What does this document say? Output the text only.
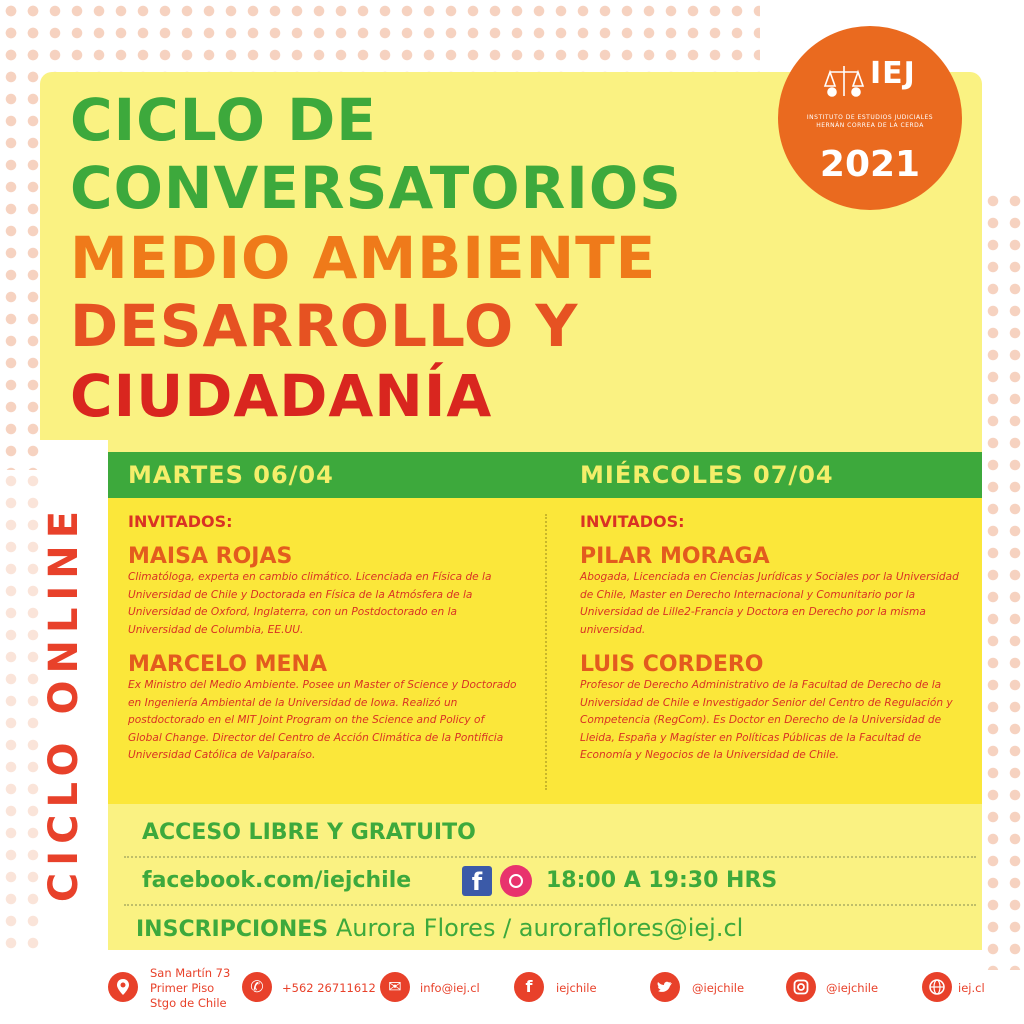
CICLO DE
CONVERSATORIOS
MEDIO AMBIENTE
DESARROLLO Y
CIUDADANÍA
IEJ
INSTITUTO DE ESTUDIOS JUDICIALES
HERNÁN CORREA DE LA CERDA
2021
CICLO ONLINE
MARTES 06/04	MIÉRCOLES 07/04

INVITADOS:

MAISA ROJAS

Climatóloga, experta en cambio climático. Licenciada en Física de la Universidad de Chile y Doctorada en Física de la Atmósfera de la Universidad de Oxford, Inglaterra, con un Postdoctorado en la Universidad de Columbia, EE.UU.

MARCELO MENA

Ex Ministro del Medio Ambiente. Posee un Master of Science y Doctorado en Ingeniería Ambiental de la Universidad de Iowa. Realizó un postdoctorado en el MIT Joint Program on the Science and Policy of Global Change. Director del Centro de Acción Climática de la Pontificia Universidad Católica de Valparaíso.

INVITADOS:

PILAR MORAGA

Abogada, Licenciada en Ciencias Jurídicas y Sociales por la Universidad de Chile, Master en Derecho Internacional y Comunitario por la Universidad de Lille2-Francia y Doctora en Derecho por la misma universidad.

LUIS CORDERO

Profesor de Derecho Administrativo de la Facultad de Derecho de la Universidad de Chile e Investigador Senior del Centro de Regulación y Competencia (RegCom). Es Doctor en Derecho de la Universidad de Lleida, España y Magíster en Políticas Públicas de la Facultad de Economía y Negocios de la Universidad de Chile.

ACCESO LIBRE Y GRATUITO
facebook.com/iejchile	f	18:00 A 19:30 HRS
INSCRIPCIONES Aurora Flores / auroraflores@iej.cl
San Martín 73
Primer Piso
Stgo de Chile
✆	+562 26711612 ✉	info@iej.cl	f	iejchile	@iejchile	@iejchile	iej.cl
